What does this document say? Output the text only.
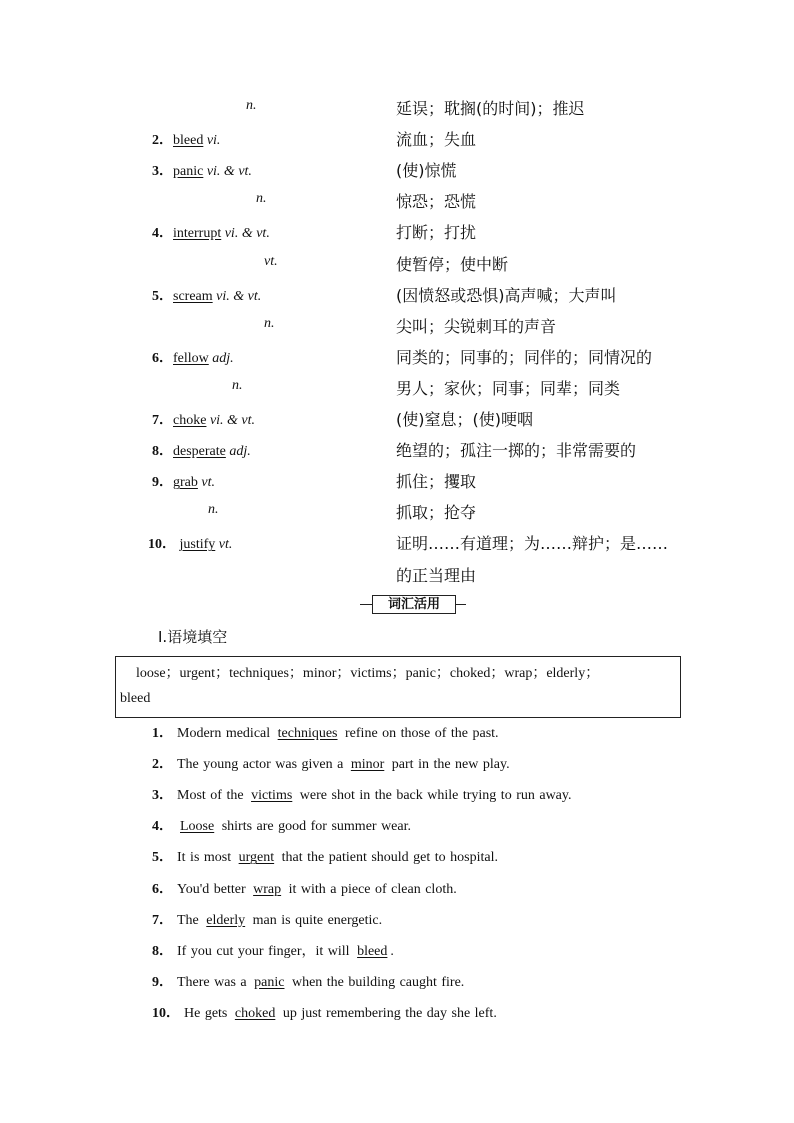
n.	延误；耽搁(的时间)；推迟
2．bleed vi.	流血；失血
3．panic vi. & vt.	(使)惊慌
n.	惊恐；恐慌
4．interrupt vi. & vt.	打断；打扰
vt.	使暂停；使中断
5．scream vi. & vt.	(因愤怒或恐惧)高声喊；大声叫
n.	尖叫；尖锐刺耳的声音
6．fellow adj.	同类的；同事的；同伴的；同情况的
n.	男人；家伙；同事；同辈；同类
7．choke vi. & vt.	(使)窒息；(使)哽咽
8．desperate adj.	绝望的；孤注一掷的；非常需要的
9．grab vt.	抓住；攫取
n.	抓取；抢夺
10． justify vt.	证明……有道理；为……辩护；是……
的正当理由
词汇活用
Ⅰ.语境填空
loose；urgent；techniques；minor；victims；panic；choked；wrap；elderly；
bleed
1． Modern medical techniques refine on those of the past.
2． The young actor was given a minor part in the new play.
3． Most of the victims were shot in the back while trying to run away.
4． Loose shirts are good for summer wear.
5． It is most urgent that the patient should get to hospital.
6． You'd better wrap it with a piece of clean cloth.
7． The elderly man is quite energetic.
8． If you cut your finger，it will bleed .
9． There was a panic when the building caught fire.
10． He gets choked up just remembering the day she left.
